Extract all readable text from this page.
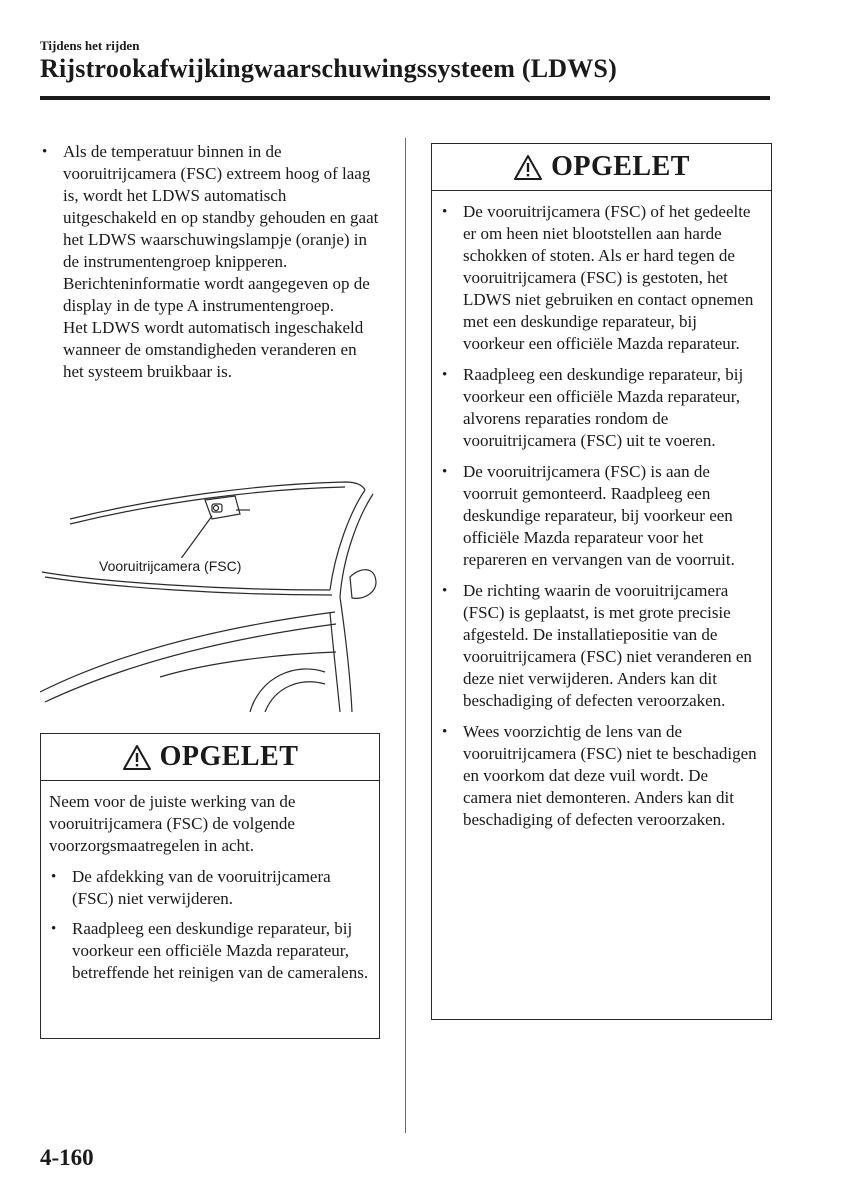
Tijdens het rijden
Rijstrookafwijkingwaarschuwingssysteem (LDWS)
• Als de temperatuur binnen in de vooruitrijcamera (FSC) extreem hoog of laag is, wordt het LDWS automatisch uitgeschakeld en op standby gehouden en gaat het LDWS waarschuwingslampje (oranje) in de instrumentengroep knipperen. Berichteninformatie wordt aangegeven op de display in de type A instrumentengroep.
Het LDWS wordt automatisch ingeschakeld wanneer de omstandigheden veranderen en het systeem bruikbaar is.
Vooruitrijcamera (FSC)
OPGELET
Neem voor de juiste werking van de vooruitrijcamera (FSC) de volgende voorzorgsmaatregelen in acht.
• De afdekking van de vooruitrijcamera (FSC) niet verwijderen.
• Raadpleeg een deskundige reparateur, bij voorkeur een officiële Mazda reparateur, betreffende het reinigen van de cameralens.
OPGELET
• De vooruitrijcamera (FSC) of het gedeelte er om heen niet blootstellen aan harde schokken of stoten. Als er hard tegen de vooruitrijcamera (FSC) is gestoten, het LDWS niet gebruiken en contact opnemen met een deskundige reparateur, bij voorkeur een officiële Mazda reparateur.
• Raadpleeg een deskundige reparateur, bij voorkeur een officiële Mazda reparateur, alvorens reparaties rondom de vooruitrijcamera (FSC) uit te voeren.
• De vooruitrijcamera (FSC) is aan de voorruit gemonteerd. Raadpleeg een deskundige reparateur, bij voorkeur een officiële Mazda reparateur voor het repareren en vervangen van de voorruit.
• De richting waarin de vooruitrijcamera (FSC) is geplaatst, is met grote precisie afgesteld. De installatiepositie van de vooruitrijcamera (FSC) niet veranderen en deze niet verwijderen. Anders kan dit beschadiging of defecten veroorzaken.
• Wees voorzichtig de lens van de vooruitrijcamera (FSC) niet te beschadigen en voorkom dat deze vuil wordt. De camera niet demonteren. Anders kan dit beschadiging of defecten veroorzaken.
4-160
